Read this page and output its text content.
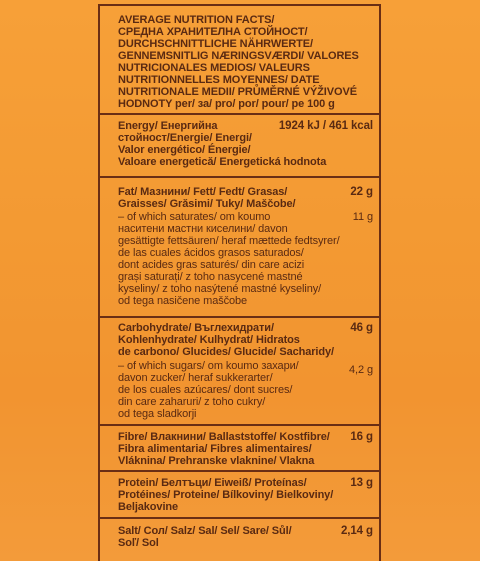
AVERAGE NUTRITION FACTS/
СРЕДНА ХРАНИТЕЛНА СТОЙНОСТ/
DURCHSCHNITTLICHE NÄHRWERTE/
GENNEMSNITLIG NÆRINGSVÆRDI/ VALORES
NUTRICIONALES MEDIOS/ VALEURS
NUTRITIONNELLES MOYENNES/ DATE
NUTRITIONALE MEDII/ PRŮMĚRNÉ VÝŽIVOVÉ
HODNOTY per/ за/ pro/ por/ pour/ pe 100 g
Energy/ Енергийна
стойност/Energie/ Energi/
Valor energético/ Énergie/
Valoare energetică/ Energetická hodnota
1924 kJ / 461 kcal
Fat/ Мазнини/ Fett/ Fedt/ Grasas/
Graisses/ Grăsimi/ Tuky/ Maščobe/
22 g
– of which saturates/ om koumo
наситени мастни киселини/ davon
gesättigte fettsäuren/ heraf mættede fedtsyrer/
de las cuales ácidos grasos saturados/
dont acides gras saturés/ din care acizi
grași saturați/ z toho nasycené mastné
kyseliny/ z toho nasýtené mastné kyseliny/
od tega nasičene maščobe
11 g
Carbohydrate/ Въглехидрати/
Kohlenhydrate/ Kulhydrat/ Hidratos
de carbono/ Glucides/ Glucide/ Sacharidy/
46 g
– of which sugars/ om koumo захари/
davon zucker/ heraf sukkerarter/
de los cuales azúcares/ dont sucres/
din care zaharuri/ z toho cukry/
od tega sladkorji
4,2 g
Fibre/ Влакнини/ Ballaststoffe/ Kostfibre/
Fibra alimentaria/ Fibres alimentaires/
Vláknina/ Prehranske vlaknine/ Vlakna
16 g
Protein/ Белтъци/ Eiweiß/ Proteínas/
Protéines/ Proteine/ Bílkoviny/ Bielkoviny/
Beljakovine
13 g
Salt/ Сол/ Salz/ Sal/ Sel/ Sare/ Sůl/
Soľ/ Sol
2,14 g
